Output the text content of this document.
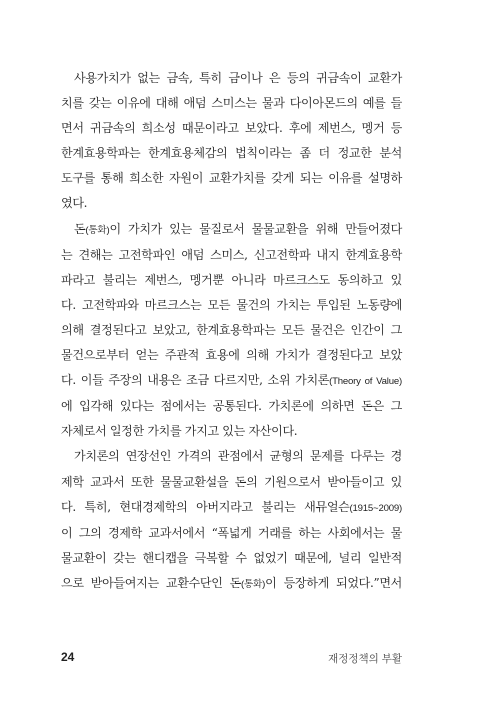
사용가치가 없는 금속, 특히 금이나 은 등의 귀금속이 교환가
치를 갖는 이유에 대해 애덤 스미스는 물과 다이아몬드의 예를 들
면서 귀금속의 희소성 때문이라고 보았다. 후에 제번스, 멩거 등
한계효용학파는 한계효용체감의 법칙이라는 좀 더 정교한 분석
도구를 통해 희소한 자원이 교환가치를 갖게 되는 이유를 설명하
였다.

돈(통화)이 가치가 있는 물질로서 물물교환을 위해 만들어졌다
는 견해는 고전학파인 애덤 스미스, 신고전학파 내지 한계효용학
파라고 불리는 제번스, 멩거뿐 아니라 마르크스도 동의하고 있
다. 고전학파와 마르크스는 모든 물건의 가치는 투입된 노동량에
의해 결정된다고 보았고, 한계효용학파는 모든 물건은 인간이 그
물건으로부터 얻는 주관적 효용에 의해 가치가 결정된다고 보았
다. 이들 주장의 내용은 조금 다르지만, 소위 가치론(Theory of Value)
에 입각해 있다는 점에서는 공통된다. 가치론에 의하면 돈은 그
자체로서 일정한 가치를 가지고 있는 자산이다.

가치론의 연장선인 가격의 관점에서 균형의 문제를 다루는 경
제학 교과서 또한 물물교환설을 돈의 기원으로서 받아들이고 있
다. 특히, 현대경제학의 아버지라고 불리는 새뮤얼슨(1915~2009)
이 그의 경제학 교과서에서 “폭넓게 거래를 하는 사회에서는 물
물교환이 갖는 핸디캡을 극복할 수 없었기 때문에, 널리 일반적
으로 받아들여지는 교환수단인 돈(통화)이 등장하게 되었다.”면서

24	재정정책의 부활
